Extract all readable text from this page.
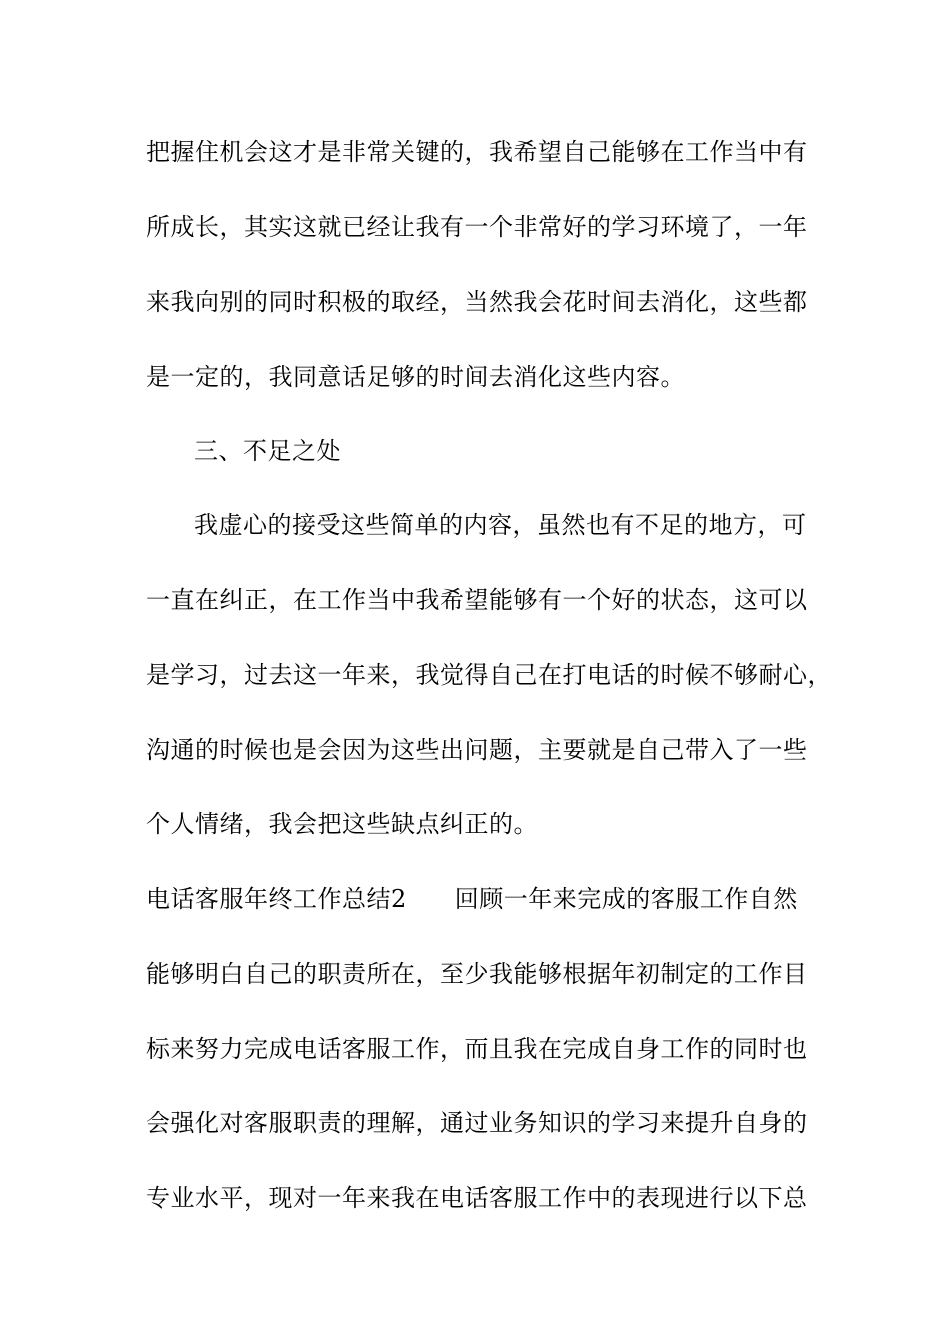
把握住机会这才是非常关键的，我希望自己能够在工作当中有
所成长，其实这就已经让我有一个非常好的学习环境了，一年
来我向别的同时积极的取经，当然我会花时间去消化，这些都
是一定的，我同意话足够的时间去消化这些内容。
三、不足之处
我虚心的接受这些简单的内容，虽然也有不足的地方，可
一直在纠正，在工作当中我希望能够有一个好的状态，这可以
是学习，过去这一年来，我觉得自己在打电话的时候不够耐心，
沟通的时候也是会因为这些出问题，主要就是自己带入了一些
个人情绪，我会把这些缺点纠正的。
电话客服年终工作总结2 回顾一年来完成的客服工作自然
能够明白自己的职责所在，至少我能够根据年初制定的工作目
标来努力完成电话客服工作，而且我在完成自身工作的同时也
会强化对客服职责的理解，通过业务知识的学习来提升自身的
专业水平，现对一年来我在电话客服工作中的表现进行以下总
